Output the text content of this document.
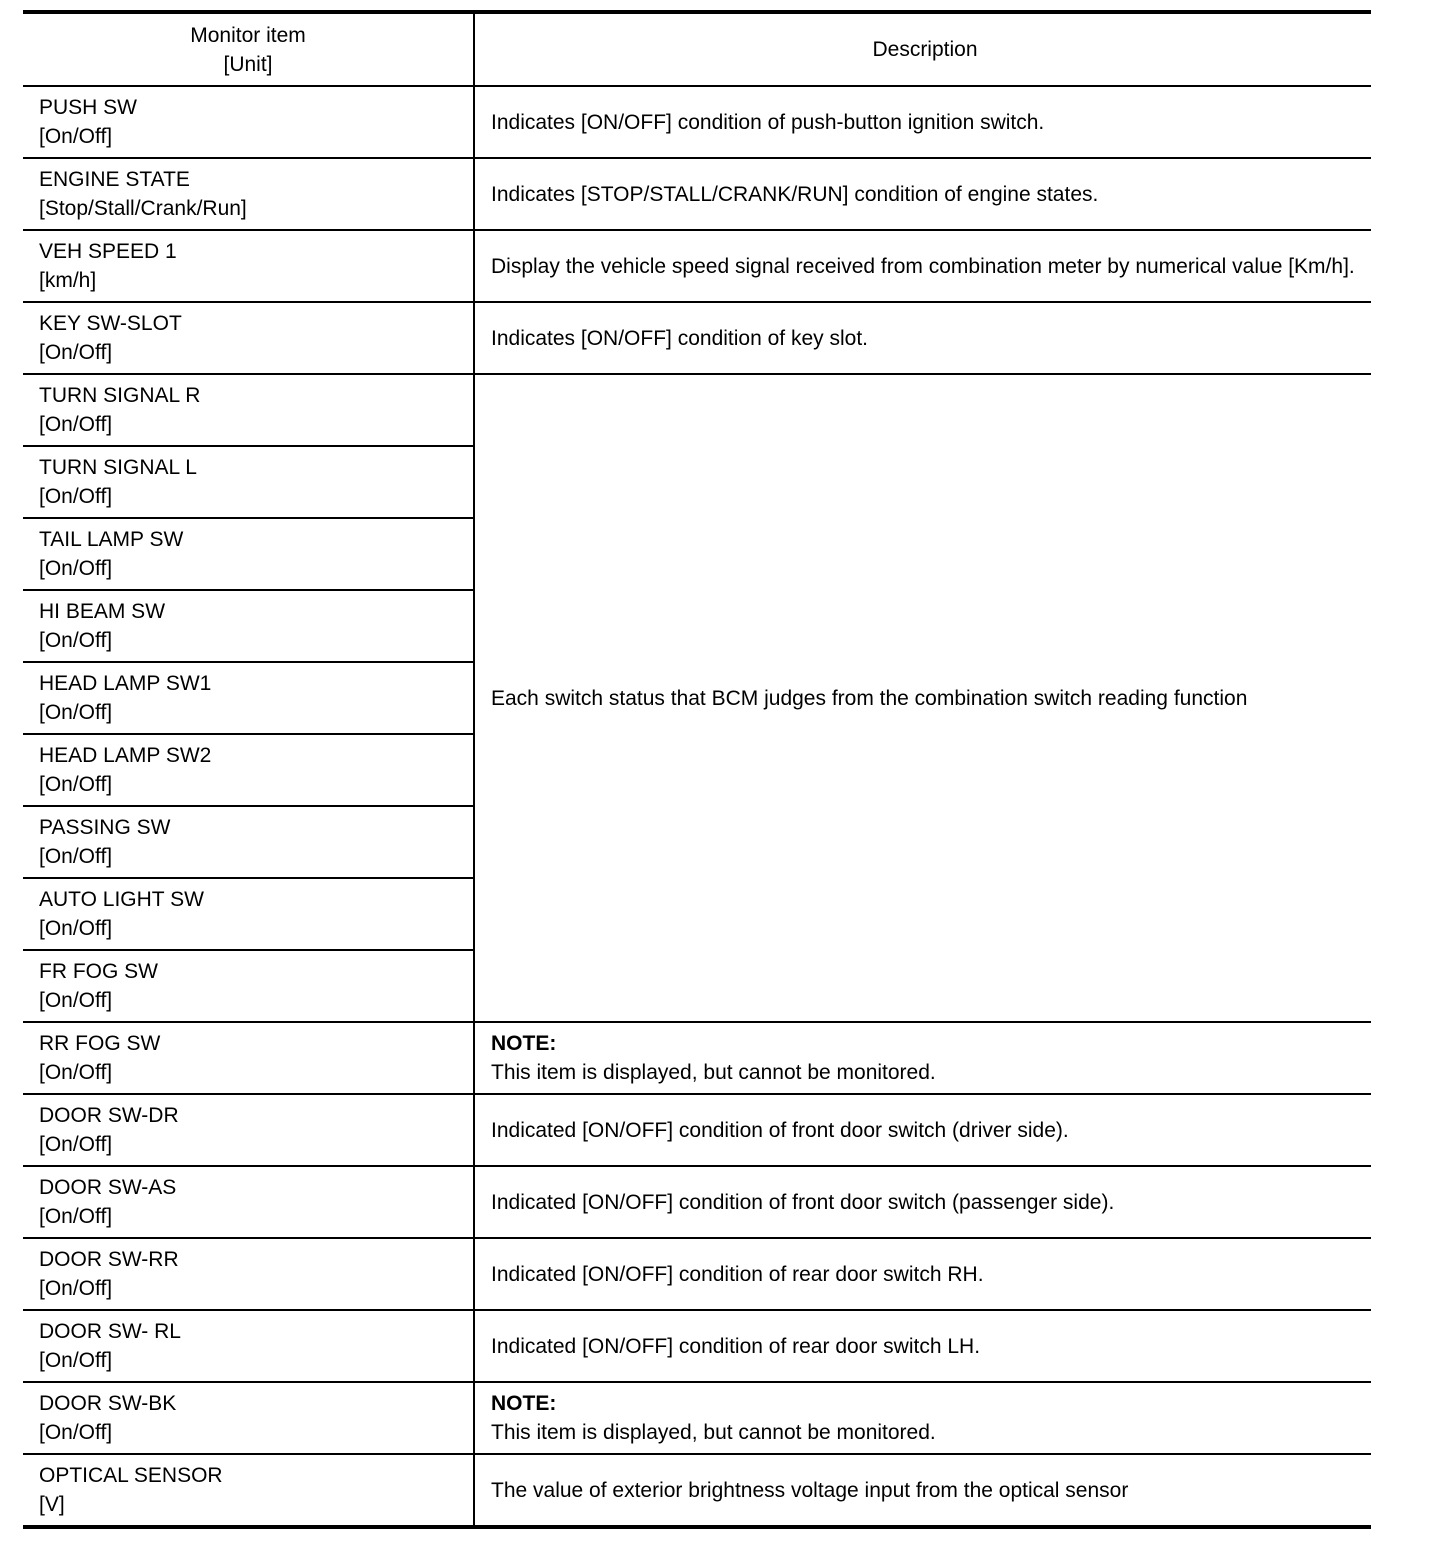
Monitor item
[Unit]	Description

PUSH SW
[On/Off]	Indicates [ON/OFF] condition of push-button ignition switch.

ENGINE STATE
[Stop/Stall/Crank/Run]	Indicates [STOP/STALL/CRANK/RUN] condition of engine states.

VEH SPEED 1
[km/h]	Display the vehicle speed signal received from combination meter by numerical value [Km/h].

KEY SW-SLOT
[On/Off]	Indicates [ON/OFF] condition of key slot.

TURN SIGNAL R
[On/Off]	Each switch status that BCM judges from the combination switch reading function

TURN SIGNAL L
[On/Off]	

TAIL LAMP SW
[On/Off]	

HI BEAM SW
[On/Off]	

HEAD LAMP SW1
[On/Off]	

HEAD LAMP SW2
[On/Off]	

PASSING SW
[On/Off]	

AUTO LIGHT SW
[On/Off]	

FR FOG SW
[On/Off]	

RR FOG SW
[On/Off]	NOTE:
This item is displayed, but cannot be monitored.

DOOR SW-DR
[On/Off]	Indicated [ON/OFF] condition of front door switch (driver side).

DOOR SW-AS
[On/Off]	Indicated [ON/OFF] condition of front door switch (passenger side).

DOOR SW-RR
[On/Off]	Indicated [ON/OFF] condition of rear door switch RH.

DOOR SW- RL
[On/Off]	Indicated [ON/OFF] condition of rear door switch LH.

DOOR SW-BK
[On/Off]	NOTE:
This item is displayed, but cannot be monitored.

OPTICAL SENSOR
[V]	The value of exterior brightness voltage input from the optical sensor
